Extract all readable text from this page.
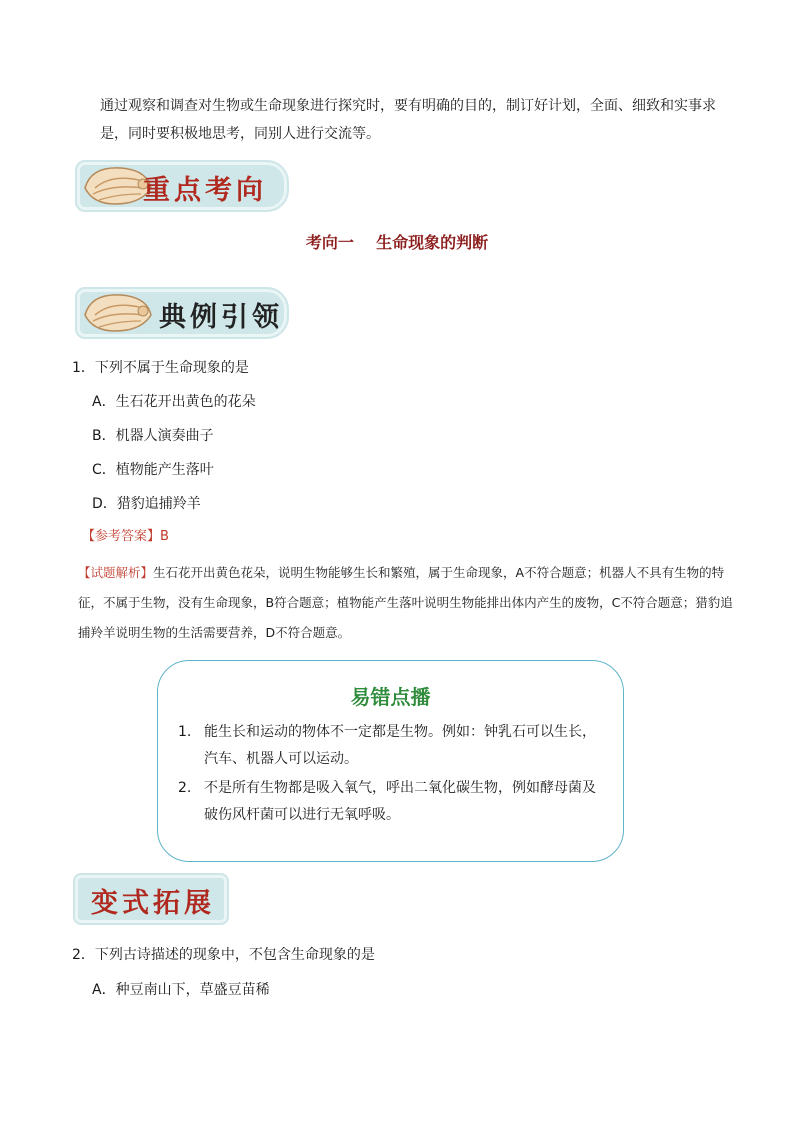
通过观察和调查对生物或生命现象进行探究时，要有明确的目的，制订好计划，全面、细致和实事求是，同时要积极地思考，同别人进行交流等。
重点考向
考向一    生命现象的判断
典例引领
1．下列不属于生命现象的是
A．生石花开出黄色的花朵
B．机器人演奏曲子
C．植物能产生落叶
D．猎豹追捕羚羊
【参考答案】B
【试题解析】生石花开出黄色花朵，说明生物能够生长和繁殖，属于生命现象，A不符合题意；机器人不具有生物的特征，不属于生物，没有生命现象，B符合题意；植物能产生落叶说明生物能排出体内产生的废物，C不符合题意；猎豹追捕羚羊说明生物的生活需要营养，D不符合题意。
易错点播
1. 能生长和运动的物体不一定都是生物。例如：钟乳石可以生长，汽车、机器人可以运动。
2. 不是所有生物都是吸入氧气，呼出二氧化碳生物，例如酵母菌及破伤风杆菌可以进行无氧呼吸。
变式拓展
2．下列古诗描述的现象中，不包含生命现象的是
A．种豆南山下，草盛豆苗稀
